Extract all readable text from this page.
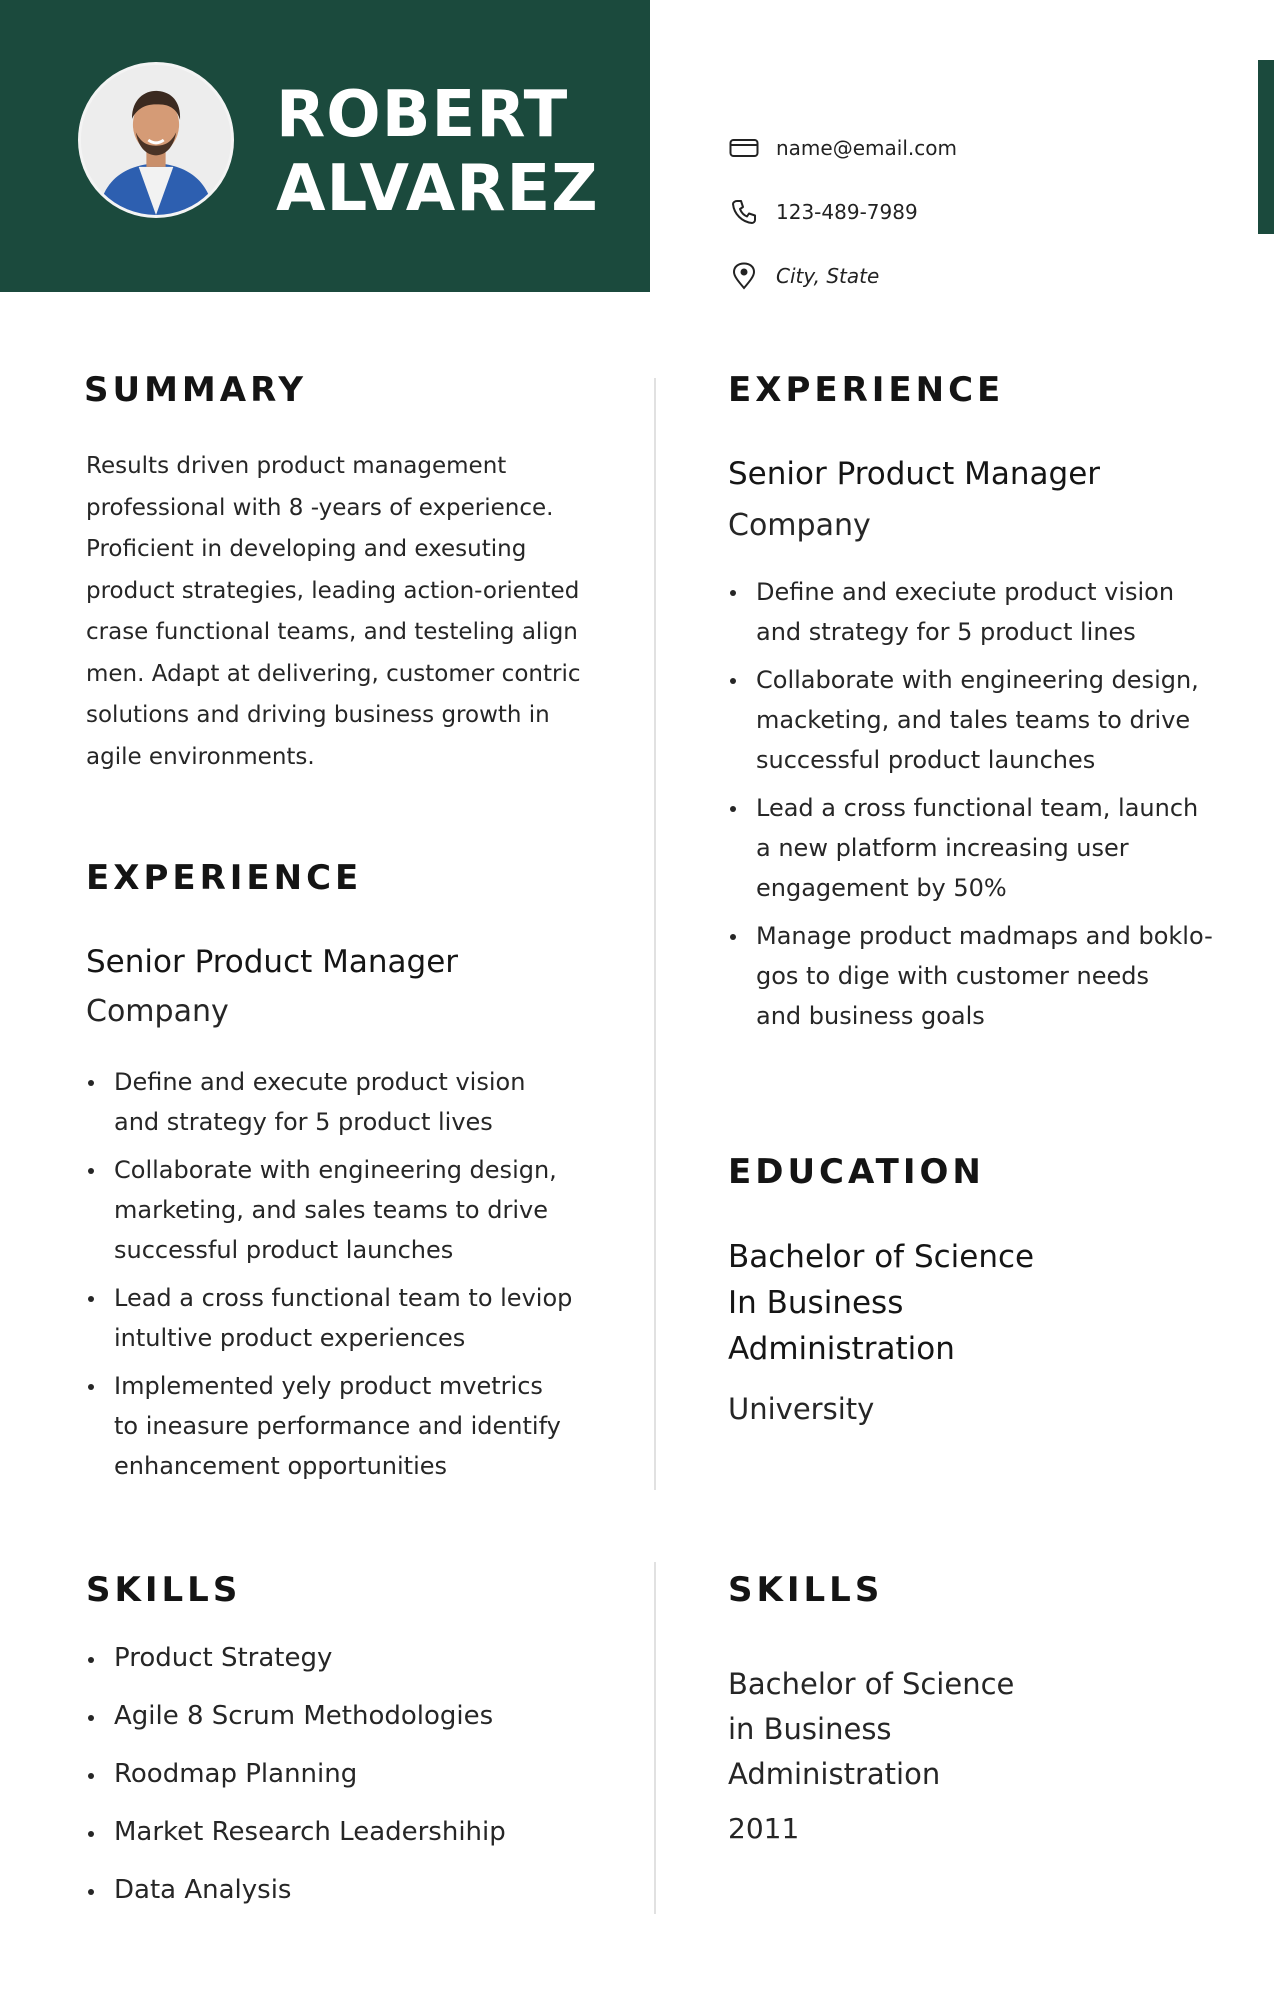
ROBERT
ALVAREZ
name@email.com
123-489-7989
City, State
SUMMARY

Results driven product management
professional with 8 -years of experience.
Proficient in developing and exesuting
product strategies, leading action-oriented
crase functional teams, and testeling align
men. Adapt at delivering, customer contric
solutions and driving business growth in
agile environments.

EXPERIENCE
Senior Product Manager

Company

Define and execute product vision
and strategy for 5 product lives
Collaborate with engineering design,
marketing, and sales teams to drive
successful product launches
Lead a cross functional team to leviop
intultive product experiences
Implemented yely product mvetrics
to ineasure performance and identify
enhancement opportunities
SKILLS
Product Strategy
Agile 8 Scrum Methodologies
Roodmap Planning
Market Research Leadershihip
Data Analysis
EXPERIENCE
Senior Product Manager

Company

Define and execiute product vision
and strategy for 5 product lines
Collaborate with engineering design,
macketing, and tales teams to drive
successful product launches
Lead a cross functional team, launch
a new platform increasing user
engagement by 50%
Manage product madmaps and boklo-
gos to dige with customer needs
and business goals
EDUCATION
Bachelor of Science
In Business
Administration

University

SKILLS

Bachelor of Science
in Business
Administration

2011
